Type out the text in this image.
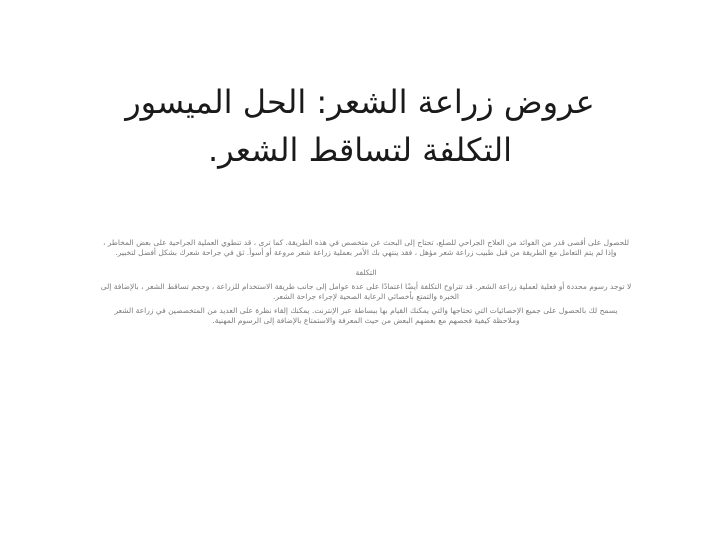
عروض زراعة الشعر: الحل الميسور
التكلفة لتساقط الشعر.

للحصول على أقصى قدر من الفوائد من العلاج الجراحي للصلع، تحتاج إلى البحث عن متخصص في هذه الطريقة. كما ترى ، قد تنطوي العملية الجراحية على بعض المخاطر ، وإذا لم يتم التعامل مع الطريقة من قبل طبيب زراعة شعر مؤهل ، فقد ينتهي بك الأمر بعملية زراعة شعر مروعة أو أسوأ. ثق في جراحة شعرك بشكل أفضل لتخبير.

التكلفة

لا توجد رسوم محددة أو فعلية لعملية زراعة الشعر. قد تتراوح التكلفة أيضًا اعتمادًا على عدة عوامل إلى جانب طريقة الاستخدام للزراعة ، وحجم تساقط الشعر ، بالإضافة إلى الخبرة والتمتع بأخصائي الرعاية الصحية لإجراء جراحة الشعر.

يسمح لك بالحصول على جميع الإحصائيات التي تحتاجها والتي يمكنك القيام بها ببساطة عبر الإنترنت. يمكنك إلقاء نظرة على العديد من المتخصصين في زراعة الشعر وملاحظة كيفية فحصهم مع بعضهم البعض من حيث المعرفة والاستمتاع بالإضافة إلى الرسوم المهنية.
